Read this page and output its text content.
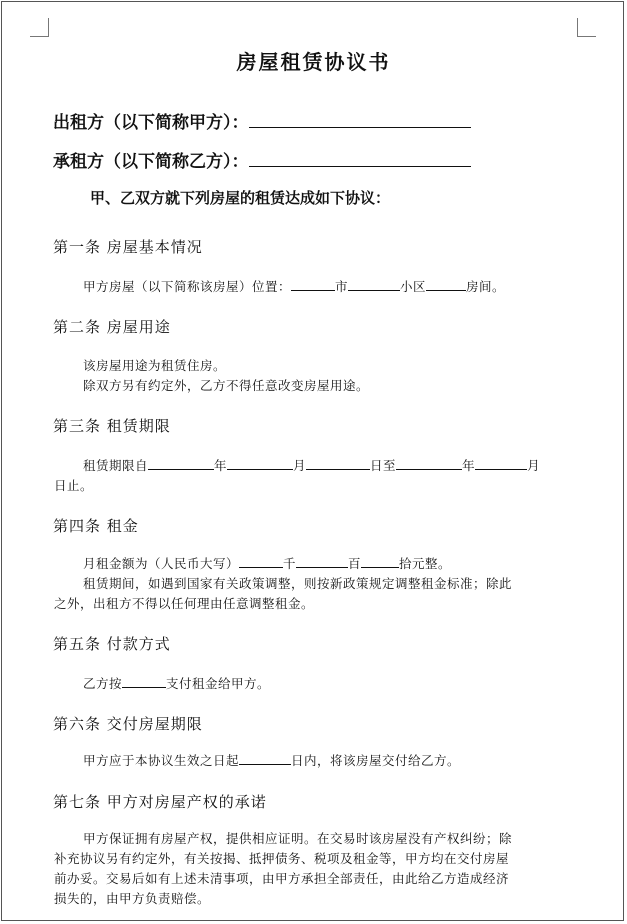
房屋租赁协议书
出租方（以下简称甲方）：
承租方（以下简称乙方）：
甲、乙双方就下列房屋的租赁达成如下协议：
第一条 房屋基本情况
甲方房屋（以下简称该房屋）位置：	市	小区	房间。
第二条 房屋用途
该房屋用途为租赁住房。
除双方另有约定外，乙方不得任意改变房屋用途。
第三条 租赁期限
租赁期限自	年	月	日至	年	月
日止。
第四条 租金
月租金额为（人民币大写）	千	百	拾元整。
租赁期间，如遇到国家有关政策调整，则按新政策规定调整租金标准；除此
之外，出租方不得以任何理由任意调整租金。
第五条 付款方式
乙方按	支付租金给甲方。
第六条 交付房屋期限
甲方应于本协议生效之日起	日内，将该房屋交付给乙方。
第七条 甲方对房屋产权的承诺
甲方保证拥有房屋产权，提供相应证明。在交易时该房屋没有产权纠纷；除
补充协议另有约定外，有关按揭、抵押债务、税项及租金等，甲方均在交付房屋
前办妥。交易后如有上述未清事项，由甲方承担全部责任，由此给乙方造成经济
损失的，由甲方负责赔偿。
